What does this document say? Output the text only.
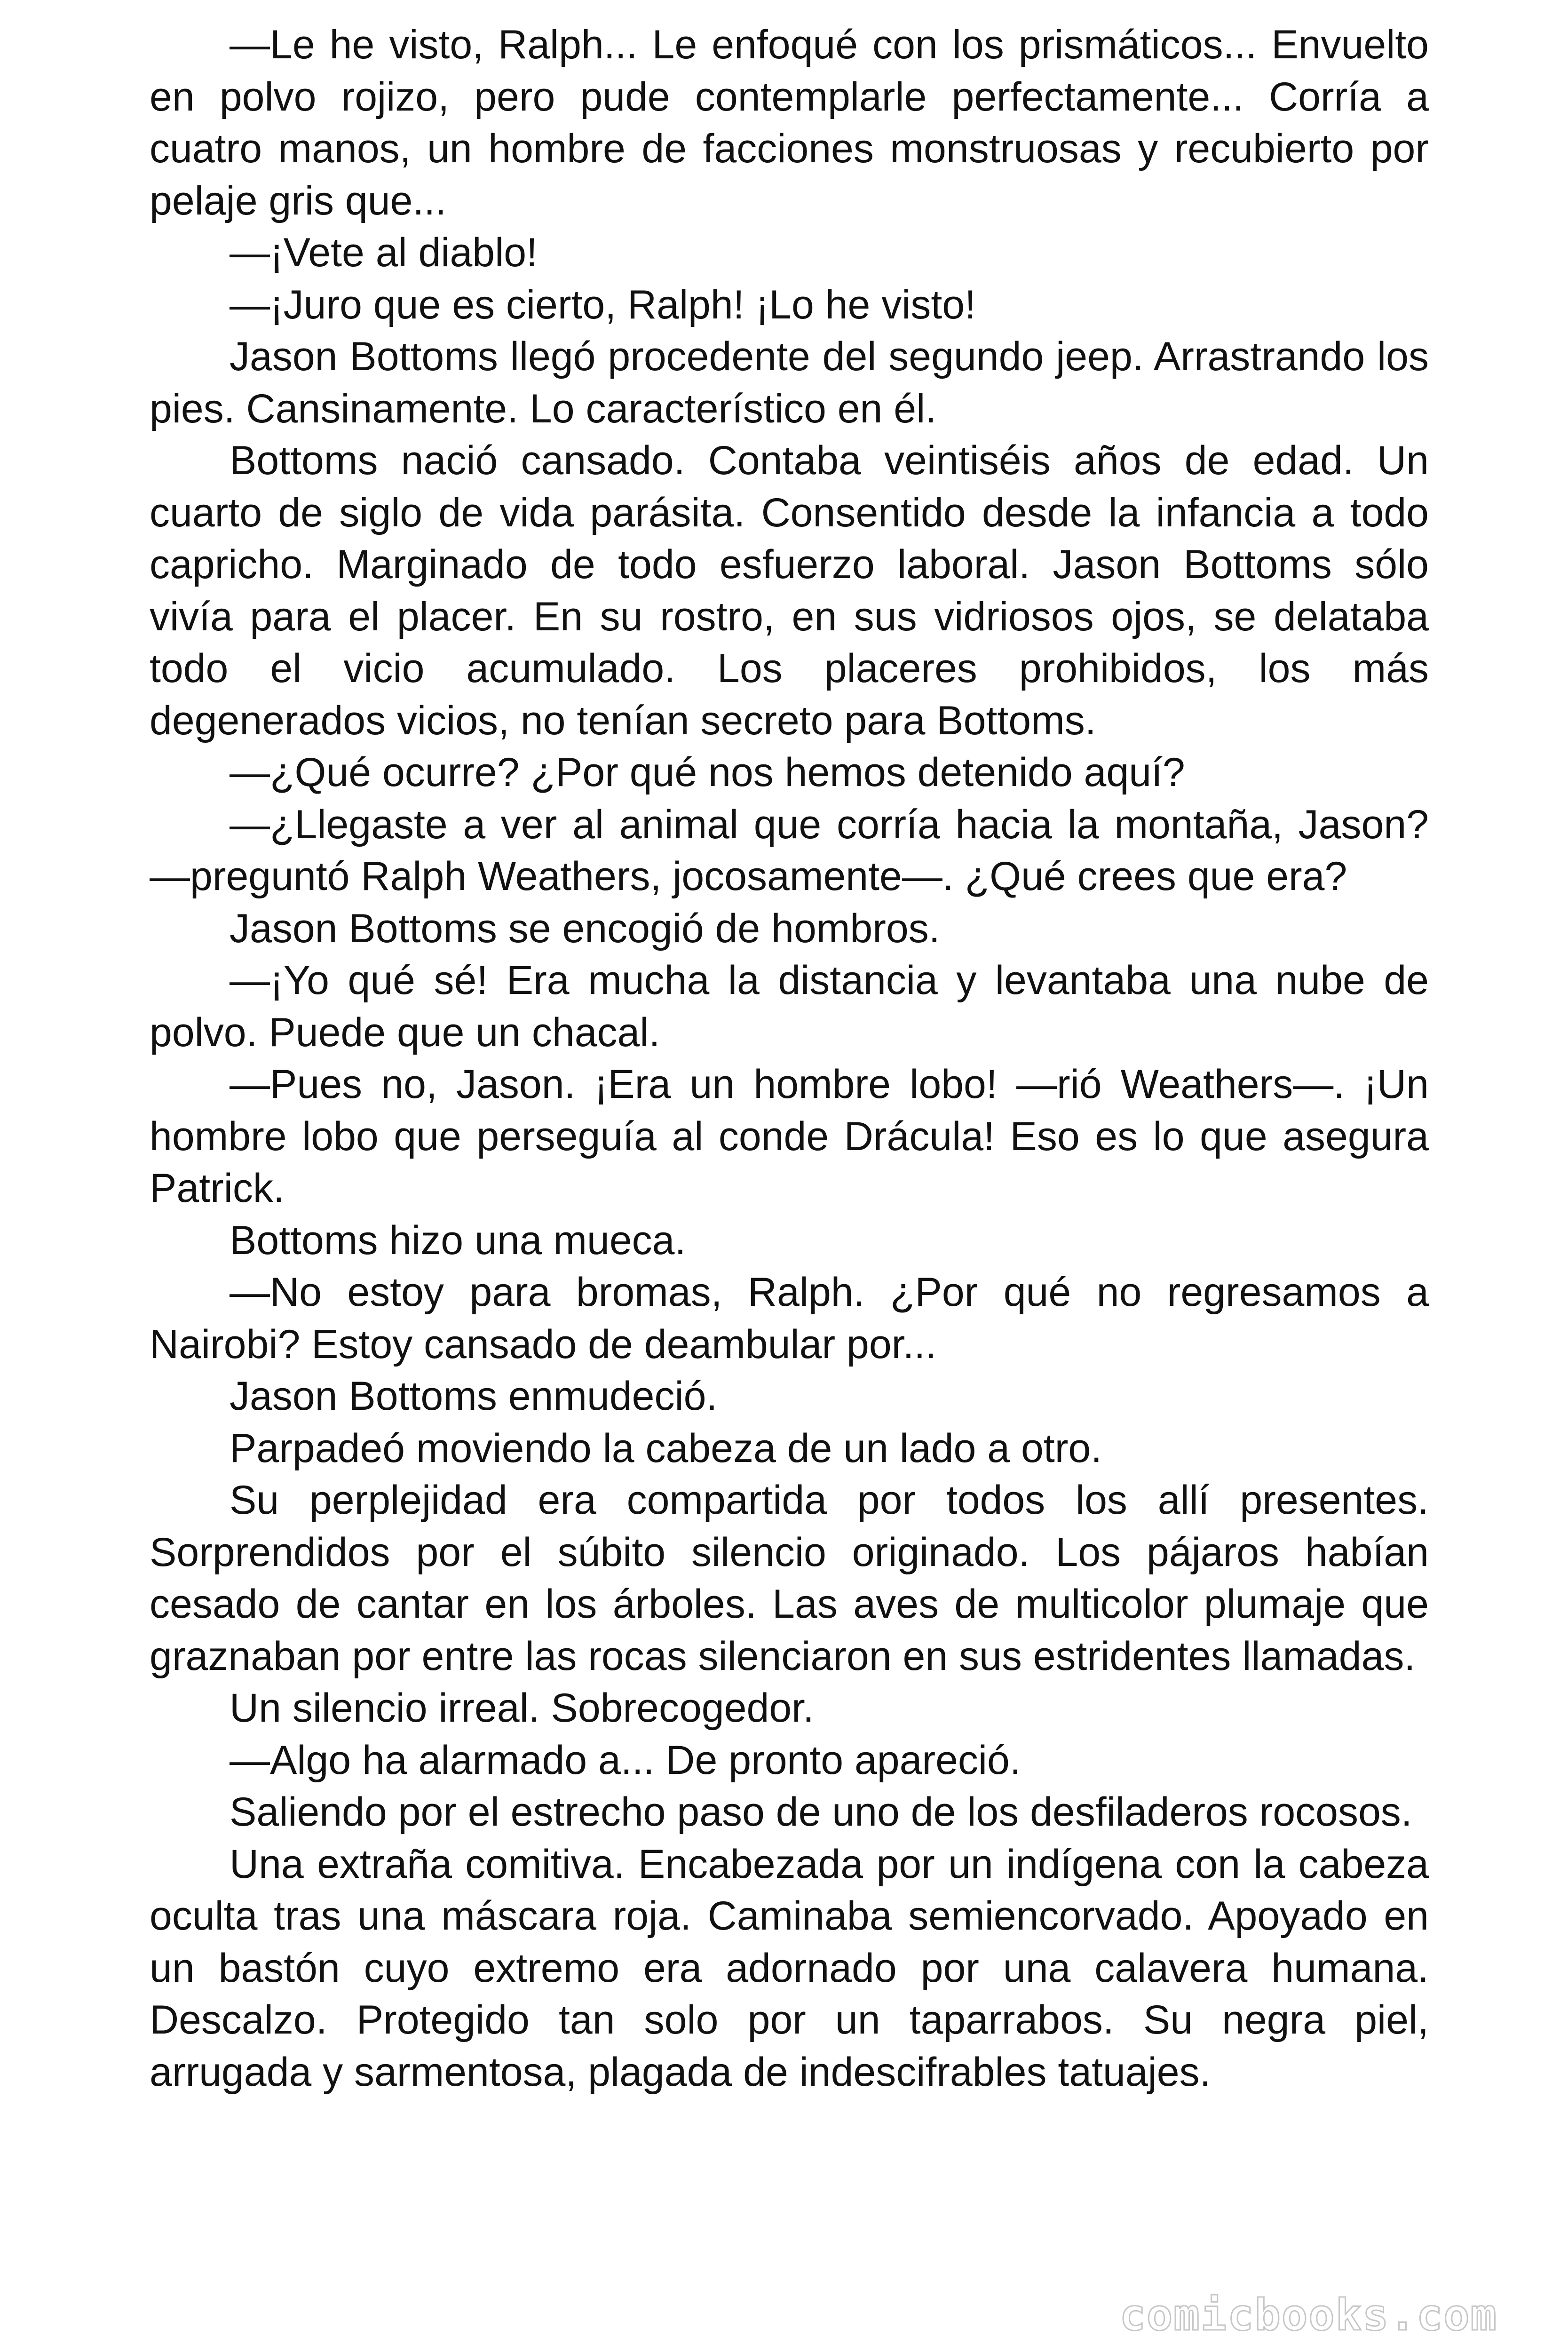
—Le he visto, Ralph... Le enfoqué con los prismáticos... Envuelto en polvo rojizo, pero pude contemplarle perfectamente... Corría a cuatro manos, un hombre de facciones monstruosas y recubierto por pelaje gris que...

—¡Vete al diablo!

—¡Juro que es cierto, Ralph! ¡Lo he visto!

Jason Bottoms llegó procedente del segundo jeep. Arrastrando los pies. Cansinamente. Lo característico en él.

Bottoms nació cansado. Contaba veintiséis años de edad. Un cuarto de siglo de vida parásita. Consentido desde la infancia a todo capricho. Marginado de todo esfuerzo laboral. Jason Bottoms sólo vivía para el placer. En su rostro, en sus vidriosos ojos, se delataba todo el vicio acumulado. Los placeres prohibidos, los más degenerados vicios, no tenían secreto para Bottoms.

—¿Qué ocurre? ¿Por qué nos hemos detenido aquí?

—¿Llegaste a ver al animal que corría hacia la montaña, Jason? —preguntó Ralph Weathers, jocosamente—. ¿Qué crees que era?

Jason Bottoms se encogió de hombros.

—¡Yo qué sé! Era mucha la distancia y levantaba una nube de polvo. Puede que un chacal.

—Pues no, Jason. ¡Era un hombre lobo! —rió Weathers—. ¡Un hombre lobo que perseguía al conde Drácula! Eso es lo que asegura Patrick.

Bottoms hizo una mueca.

—No estoy para bromas, Ralph. ¿Por qué no regresamos a Nairobi? Estoy cansado de deambular por...

Jason Bottoms enmudeció.

Parpadeó moviendo la cabeza de un lado a otro.

Su perplejidad era compartida por todos los allí presentes. Sorprendidos por el súbito silencio originado. Los pájaros habían cesado de cantar en los árboles. Las aves de multicolor plumaje que graznaban por entre las rocas silenciaron en sus estridentes llamadas.

Un silencio irreal. Sobrecogedor.

—Algo ha alarmado a... De pronto apareció.

Saliendo por el estrecho paso de uno de los desfiladeros rocosos.

Una extraña comitiva. Encabezada por un indígena con la cabeza oculta tras una máscara roja. Caminaba semiencorvado. Apoyado en un bastón cuyo extremo era adornado por una calavera humana. Descalzo. Protegido tan solo por un taparrabos. Su negra piel, arrugada y sarmentosa, plagada de indescifrables tatuajes.

comicbooks.com
